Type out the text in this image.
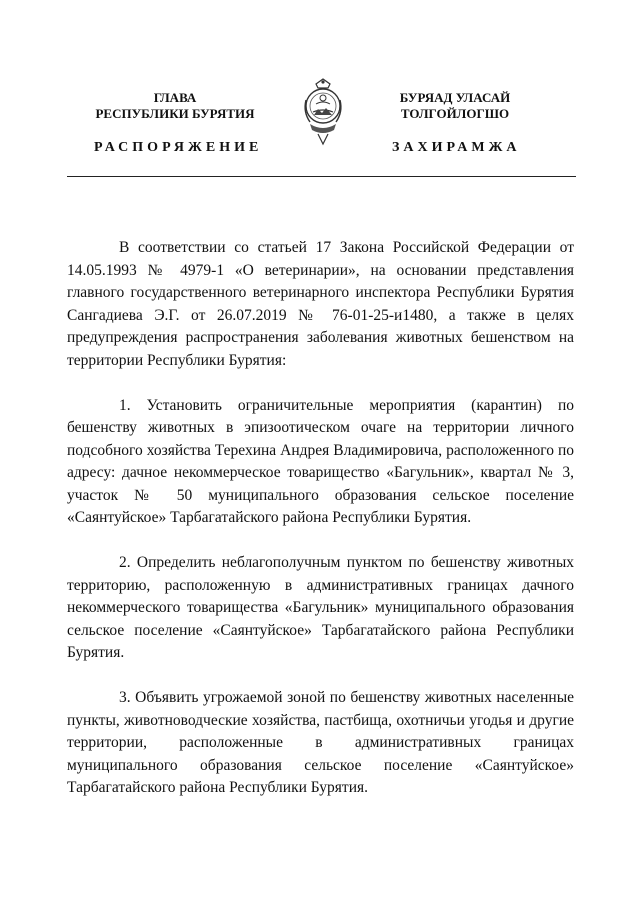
ГЛАВА
РЕСПУБЛИКИ БУРЯТИЯ
БУРЯАД УЛАСАЙ
ТОЛГОЙЛОГШО
РАСПОРЯЖЕНИЕ	ЗАХИРАМЖА

В соответствии со статьей 17 Закона Российской Федерации от 14.05.1993 № 4979-1 «О ветеринарии», на основании представления главного государственного ветеринарного инспектора Республики Бурятия Сангадиева Э.Г. от 26.07.2019 № 76-01-25-и1480, а также в целях предупреждения распространения заболевания животных бешенством на территории Республики Бурятия:

1. Установить ограничительные мероприятия (карантин) по бешенству животных в эпизоотическом очаге на территории личного подсобного хозяйства Терехина Андрея Владимировича, расположенного по адресу: дачное некоммерческое товарищество «Багульник», квартал № 3, участок № 50 муниципального образования сельское поселение «Саянтуйское» Тарбагатайского района Республики Бурятия.

2. Определить неблагополучным пунктом по бешенству животных территорию, расположенную в административных границах дачного некоммерческого товарищества «Багульник» муниципального образования сельское поселение «Саянтуйское» Тарбагатайского района Республики Бурятия.

3. Объявить угрожаемой зоной по бешенству животных населенные пункты, животноводческие хозяйства, пастбища, охотничьи угодья и другие территории, расположенные в административных границах муниципального образования сельское поселение «Саянтуйское» Тарбагатайского района Республики Бурятия.
